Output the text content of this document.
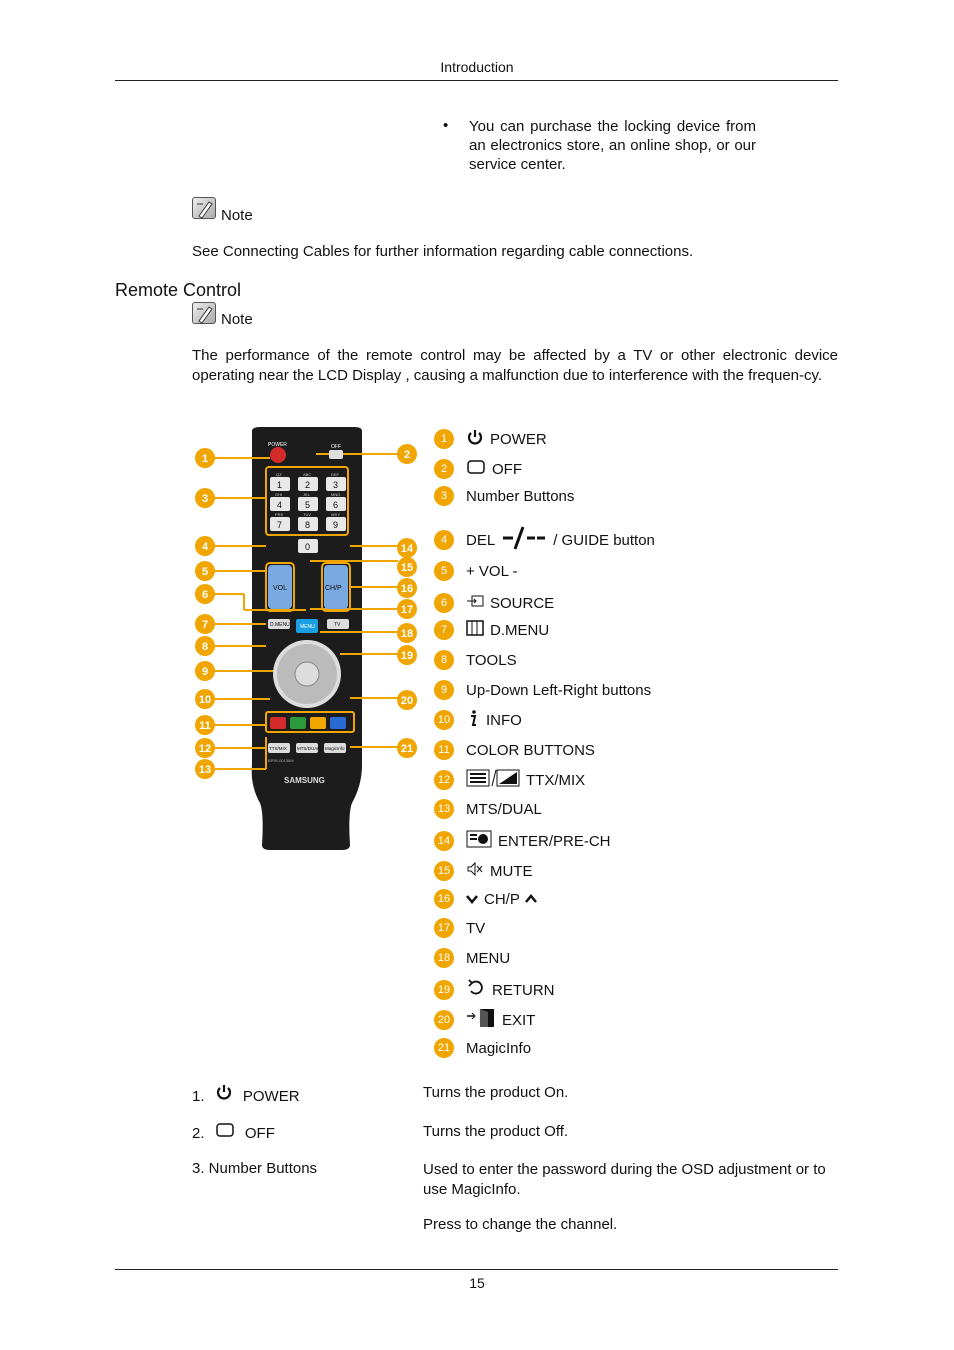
Introduction
•	You can purchase the locking device from an electronics store, an online shop, or our service center.
Note
See Connecting Cables for further information regarding cable connections.
Remote Control
Note
The performance of the remote control may be affected by a TV or other electronic device operating near the LCD Display , causing a malfunction due to interference with the frequen-cy.
POWER	OFF
1
.QZ
2
ABC
3
DEF
4
GHI
5
JKL
6
MNO
7
PRS
8
TUV
9
WXY
0
VOL	CH/P
D.MENU MENU	TV
TTX/MIX MTS/DUAL MagicInfo
BP59-00138M
SAMSUNG
1	2
3
4
5
6
7
8
9
10
11
12
13
14
15
16
17
18
19
20
21
1	POWER
2	OFF
3	Number Buttons
4	DEL	/ GUIDE button
5	+ VOL -
6	SOURCE
7	D.MENU
8	TOOLS
9	Up-Down Left-Right buttons
10 INFO
11 COLOR BUTTONS
12	TTX/MIX
13 MTS/DUAL
14	ENTER/PRE-CH
15	MUTE
16 CH/P
17 TV
18 MENU
19	RETURN
20	EXIT
21 MagicInfo
1.	POWER	Turns the product On.
2.	OFF	Turns the product Off.
3. Number Buttons	Used to enter the password during the OSD adjustment or to use MagicInfo.
Press to change the channel.
15
